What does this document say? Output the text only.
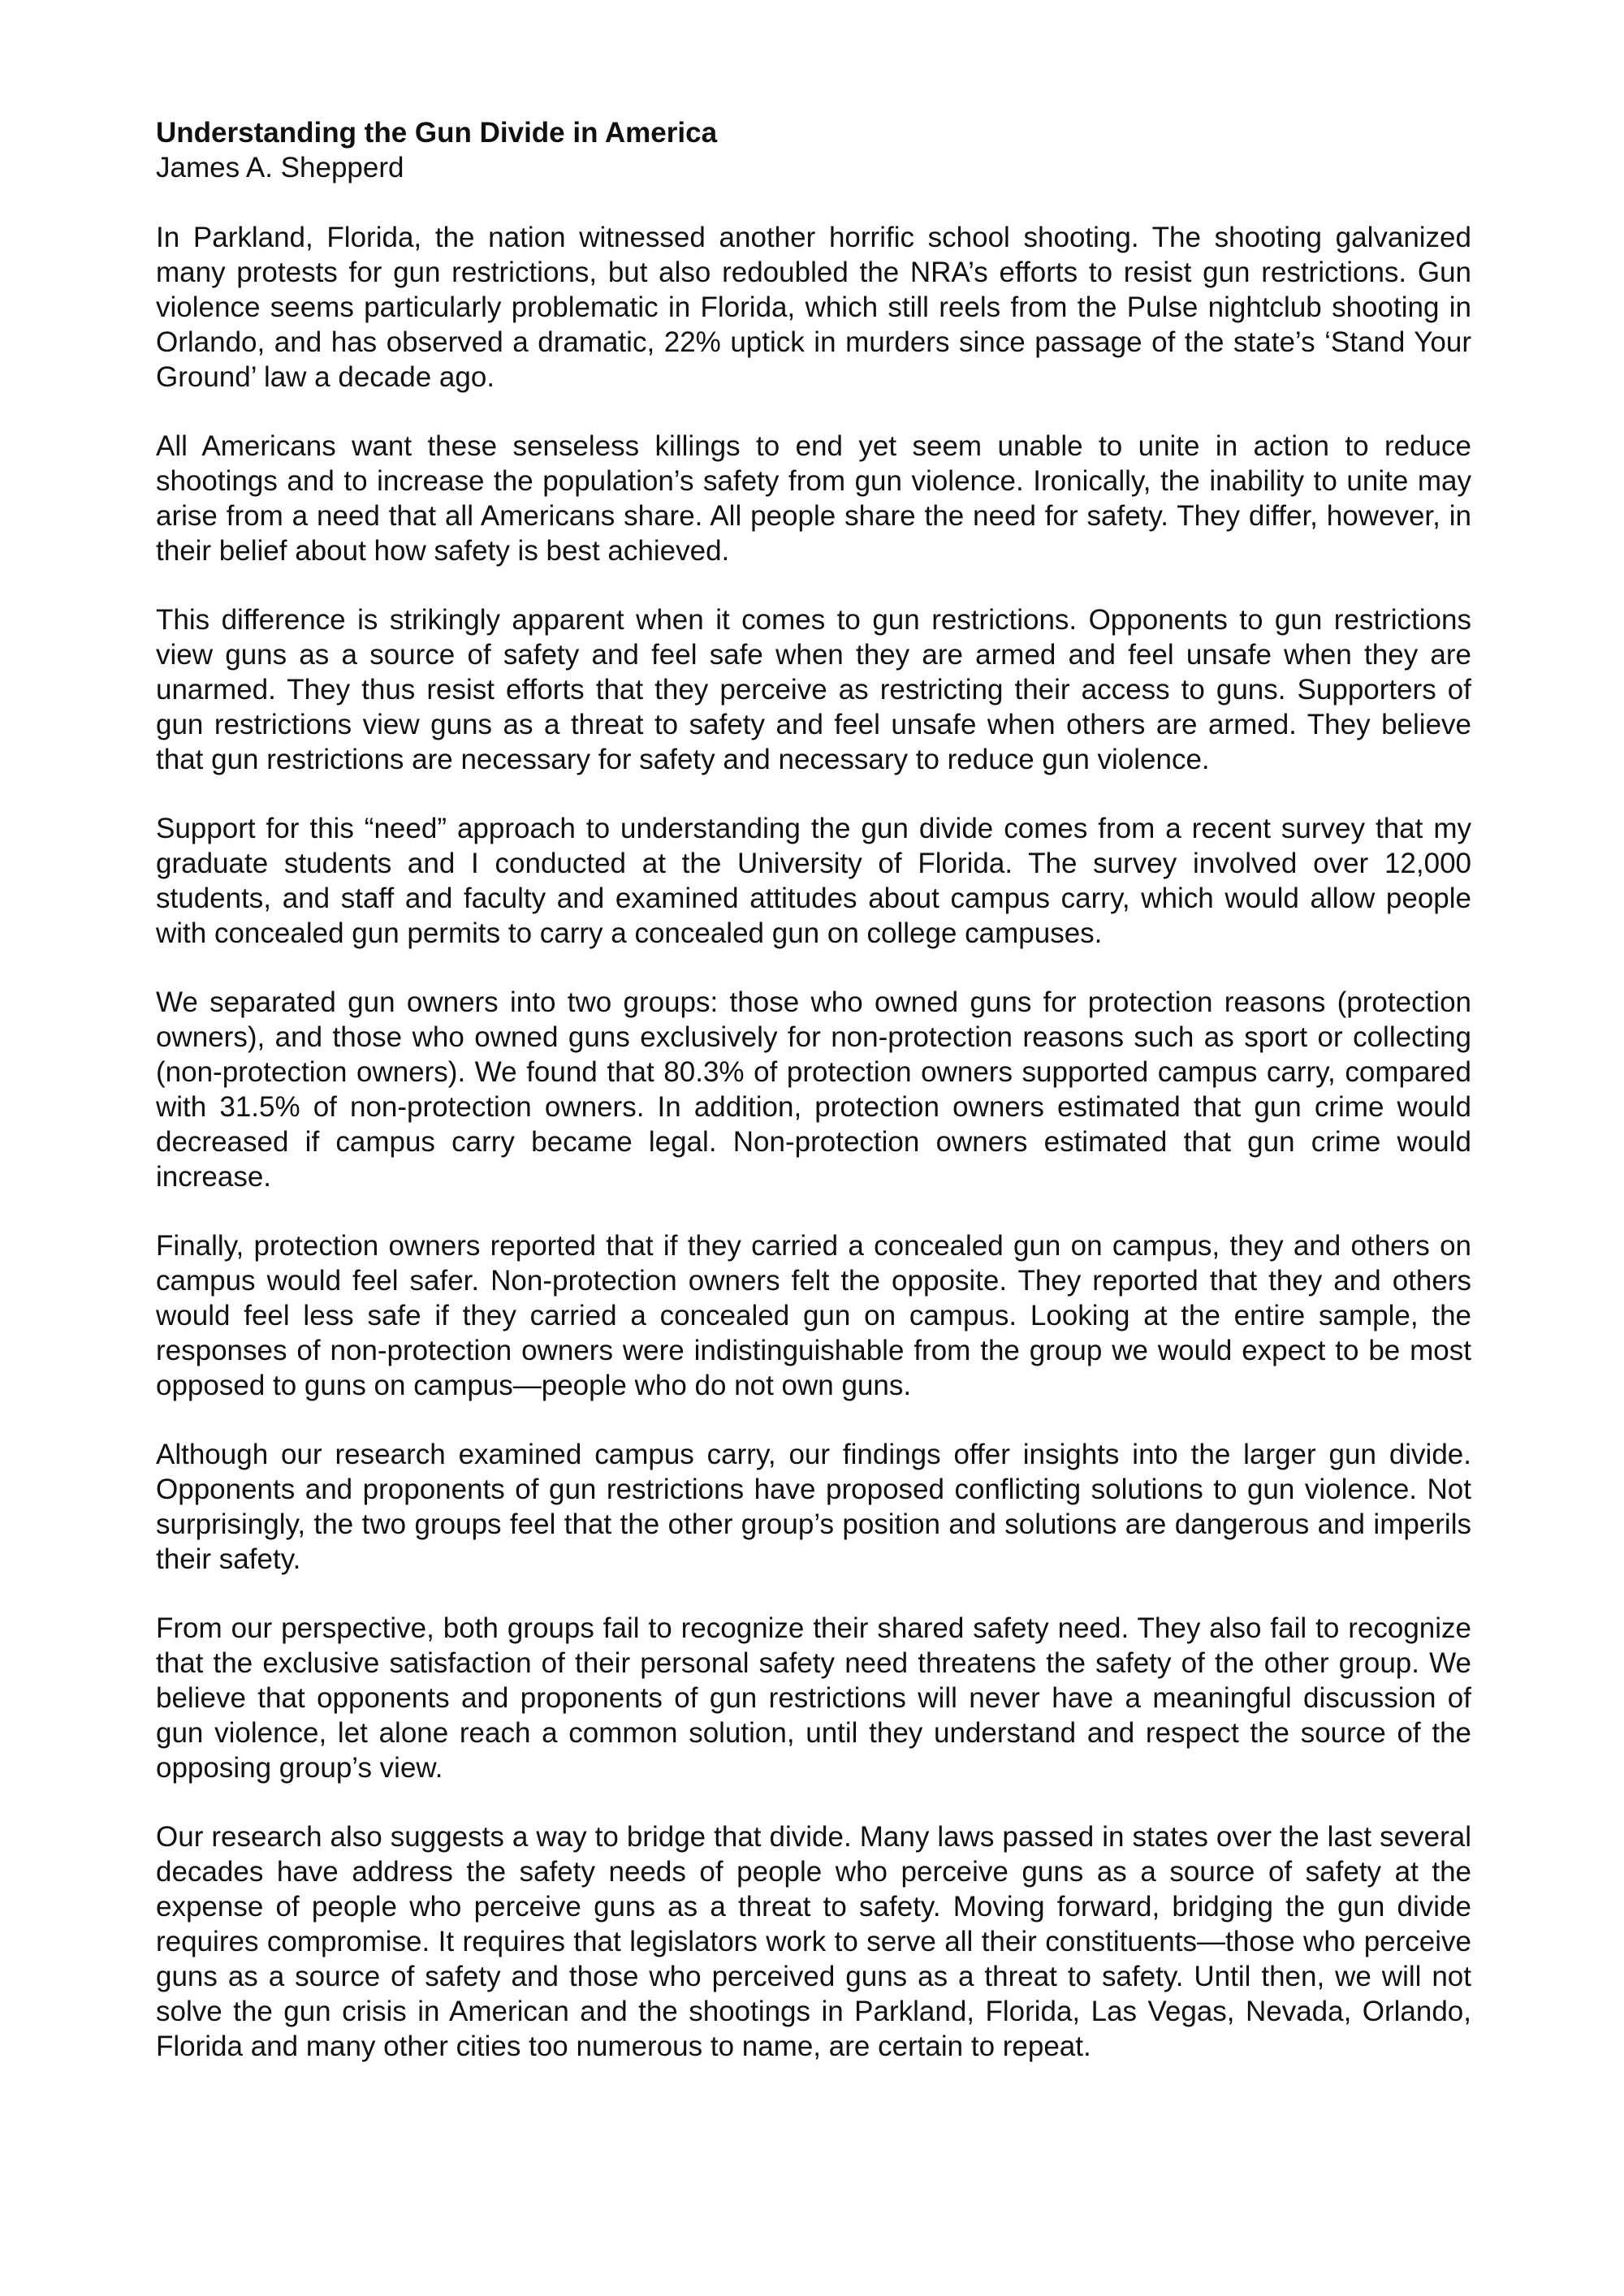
Understanding the Gun Divide in America

James A. Shepperd

In Parkland, Florida, the nation witnessed another horrific school shooting. The shooting galvanized many protests for gun restrictions, but also redoubled the NRA’s efforts to resist gun restrictions. Gun violence seems particularly problematic in Florida, which still reels from the Pulse nightclub shooting in Orlando, and has observed a dramatic, 22% uptick in murders since passage of the state’s ‘Stand Your Ground’ law a decade ago.

All Americans want these senseless killings to end yet seem unable to unite in action to reduce shootings and to increase the population’s safety from gun violence. Ironically, the inability to unite may arise from a need that all Americans share. All people share the need for safety. They differ, however, in their belief about how safety is best achieved.

This difference is strikingly apparent when it comes to gun restrictions. Opponents to gun restrictions view guns as a source of safety and feel safe when they are armed and feel unsafe when they are unarmed. They thus resist efforts that they perceive as restricting their access to guns. Supporters of gun restrictions view guns as a threat to safety and feel unsafe when others are armed. They believe that gun restrictions are necessary for safety and necessary to reduce gun violence.

Support for this “need” approach to understanding the gun divide comes from a recent survey that my graduate students and I conducted at the University of Florida. The survey involved over 12,000 students, and staff and faculty and examined attitudes about campus carry, which would allow people with concealed gun permits to carry a concealed gun on college campuses.

We separated gun owners into two groups: those who owned guns for protection reasons (protection owners), and those who owned guns exclusively for non-protection reasons such as sport or collecting (non-protection owners). We found that 80.3% of protection owners supported campus carry, compared with 31.5% of non-protection owners. In addition, protection owners estimated that gun crime would decreased if campus carry became legal. Non-protection owners estimated that gun crime would increase.

Finally, protection owners reported that if they carried a concealed gun on campus, they and others on campus would feel safer. Non-protection owners felt the opposite. They reported that they and others would feel less safe if they carried a concealed gun on campus. Looking at the entire sample, the responses of non-protection owners were indistinguishable from the group we would expect to be most opposed to guns on campus—people who do not own guns.

Although our research examined campus carry, our findings offer insights into the larger gun divide. Opponents and proponents of gun restrictions have proposed conflicting solutions to gun violence. Not surprisingly, the two groups feel that the other group’s position and solutions are dangerous and imperils their safety.

From our perspective, both groups fail to recognize their shared safety need. They also fail to recognize that the exclusive satisfaction of their personal safety need threatens the safety of the other group. We believe that opponents and proponents of gun restrictions will never have a meaningful discussion of gun violence, let alone reach a common solution, until they understand and respect the source of the opposing group’s view.

Our research also suggests a way to bridge that divide. Many laws passed in states over the last several decades have address the safety needs of people who perceive guns as a source of safety at the expense of people who perceive guns as a threat to safety. Moving forward, bridging the gun divide requires compromise. It requires that legislators work to serve all their constituents—those who perceive guns as a source of safety and those who perceived guns as a threat to safety. Until then, we will not solve the gun crisis in American and the shootings in Parkland, Florida, Las Vegas, Nevada, Orlando, Florida and many other cities too numerous to name, are certain to repeat.
